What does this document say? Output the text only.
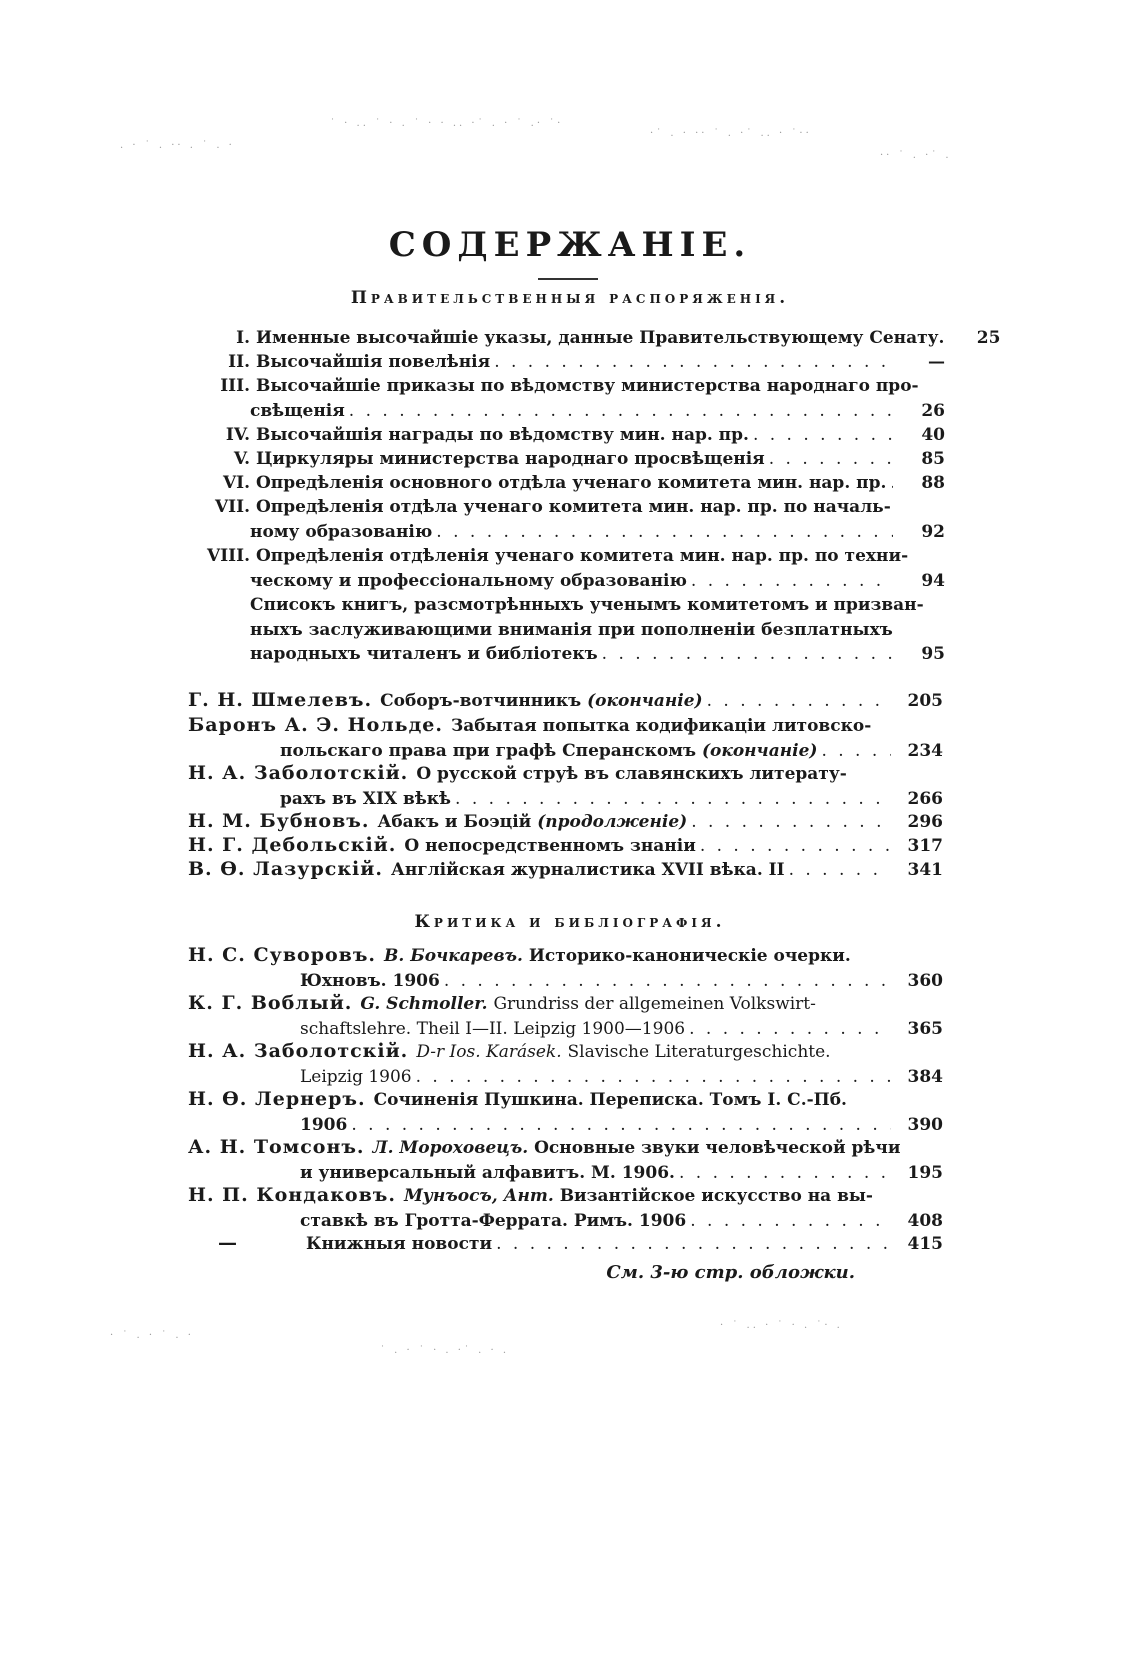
. · ˙ . ·· . ˙ . ·
˙ · .. ˙ · . ˙ · · .. ·˙ . · ˙ .· ˙·
·˙ . · ·· ˙ . ·˙ .. · ˙··
·· ˙ . ·˙ .
· ˙ . · ˙ . ·
˙ . · ˙ · . ·˙ . · .
· ˙ .. · ˙ · . ˙· .
СОДЕРЖАНІЕ.
Правительственныя распоряженія.
I. Именные высочайшіе указы, данные Правительствующему Сенату.	25
II. Высочайшія повелѣнія . . .	—
III. Высочайшіе приказы по вѣдомству министерства народнаго про-
свѣщенія . . .	26
IV. Высочайшія награды по вѣдомству мин. нар. пр. . . .	40
V. Циркуляры министерства народнаго просвѣщенія . . .	85
VI. Опредѣленія основного отдѣла ученаго комитета мин. нар. пр. . . .	88
VII. Опредѣленія отдѣла ученаго комитета мин. нар. пр. по началь-
ному образованію . . .	92
VIII. Опредѣленія отдѣленія ученаго комитета мин. нар. пр. по техни-
ческому и профессіональному образованію . . .	94
Списокъ книгъ, разсмотрѣнныхъ ученымъ комитетомъ и призван-
ныхъ заслуживающими вниманія при пополненіи безплатныхъ
народныхъ читаленъ и библіотекъ . . .	95
Г. Н. Шмелевъ. Соборъ-вотчинникъ
(окончаніе) . . .	205
Баронъ А. Э. Нольде. Забытая попытка кодификаціи литовско-
польскаго права при графѣ Сперанскомъ
(окончаніе) . . .	234
Н. А. Заболотскій. О русской струѣ въ славянскихъ литерату-
рахъ въ XIX вѣкѣ . . .	266
Н. М. Бубновъ. Абакъ и Боэцій
(продолженіе) . . .	296
Н. Г. Дебольскій. О непосредственномъ знаніи . . .	317
В. Ѳ. Лазурскій. Англійская журналистика XVII вѣка. II . . .	341
Критика и библіографія.
Н. С. Суворовъ. В. Бочкаревъ.
Историко-каноническіе очерки.
Юхновъ. 1906 . . .	360
К. Г. Воблый. G. Schmoller.
Grundriss der allgemeinen Volkswirt-
schaftslehre. Theil I—II. Leipzig 1900—1906 . . .	365
Н. А. Заболотскій. D-r Ios. Karásek.
Slavische Literaturgeschichte.
Leipzig 1906 . . .	384
Н. Ѳ. Лернеръ. Сочиненія Пушкина. Переписка. Томъ I. С.-Пб.
1906 . . .	390
А. Н. Томсонъ. Л. Мороховецъ.
Основные звуки человѣческой рѣчи
и универсальный алфавитъ. М. 1906. . . .	195
Н. П. Кондаковъ. Мунъосъ, Ант.
Византійское искусство на вы-
ставкѣ въ Гротта-Феррата. Римъ. 1906 . . .	408
—	Книжныя новости . . .	415
См. 3-ю стр. обложки.
